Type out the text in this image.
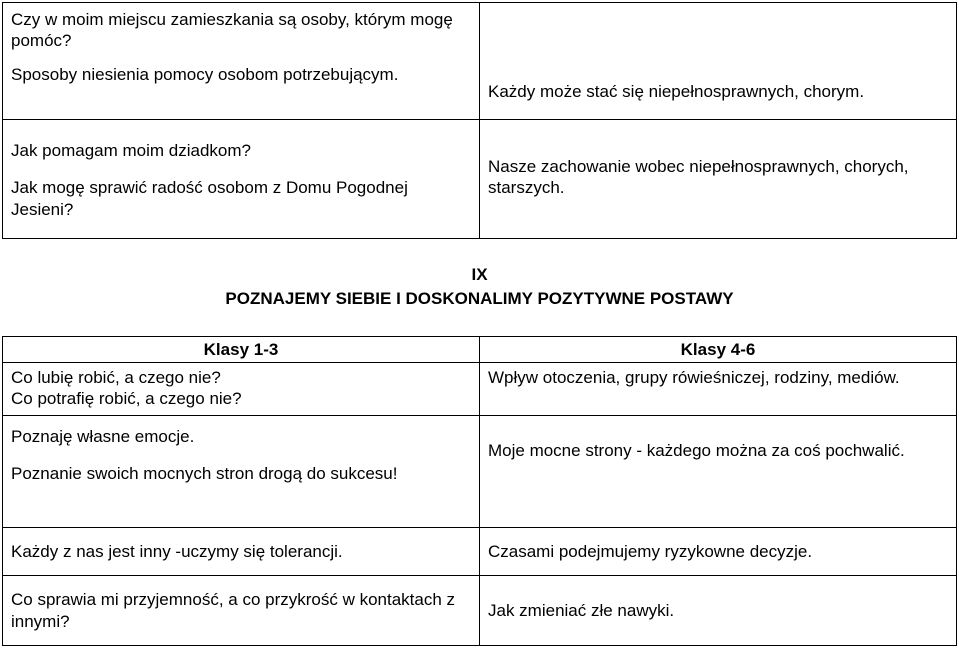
Czy w moim miejscu zamieszkania są osoby, którym mogę pomóc?

Sposoby niesienia pomocy osobom potrzebującym.	Każdy może stać się niepełnosprawnych, chorym.

Jak pomagam moim dziadkom?

Jak mogę sprawić radość osobom z Domu Pogodnej Jesieni?	Nasze zachowanie wobec niepełnosprawnych, chorych, starszych.

IX
POZNAJEMY SIEBIE I DOSKONALIMY POZYTYWNE POSTAWY
Klasy 1-3	Klasy 4-6

Co lubię robić, a czego nie?

Co potrafię robić, a czego nie?	Wpływ otoczenia, grupy rówieśniczej, rodziny, mediów.

Poznaję własne emocje.

Poznanie swoich mocnych stron drogą do sukcesu!	Moje mocne strony - każdego można za coś pochwalić.

Każdy z nas jest inny -uczymy się tolerancji.	Czasami podejmujemy ryzykowne decyzje.

Co sprawia mi przyjemność, a co przykrość w kontaktach z innymi?	Jak zmieniać złe nawyki.
